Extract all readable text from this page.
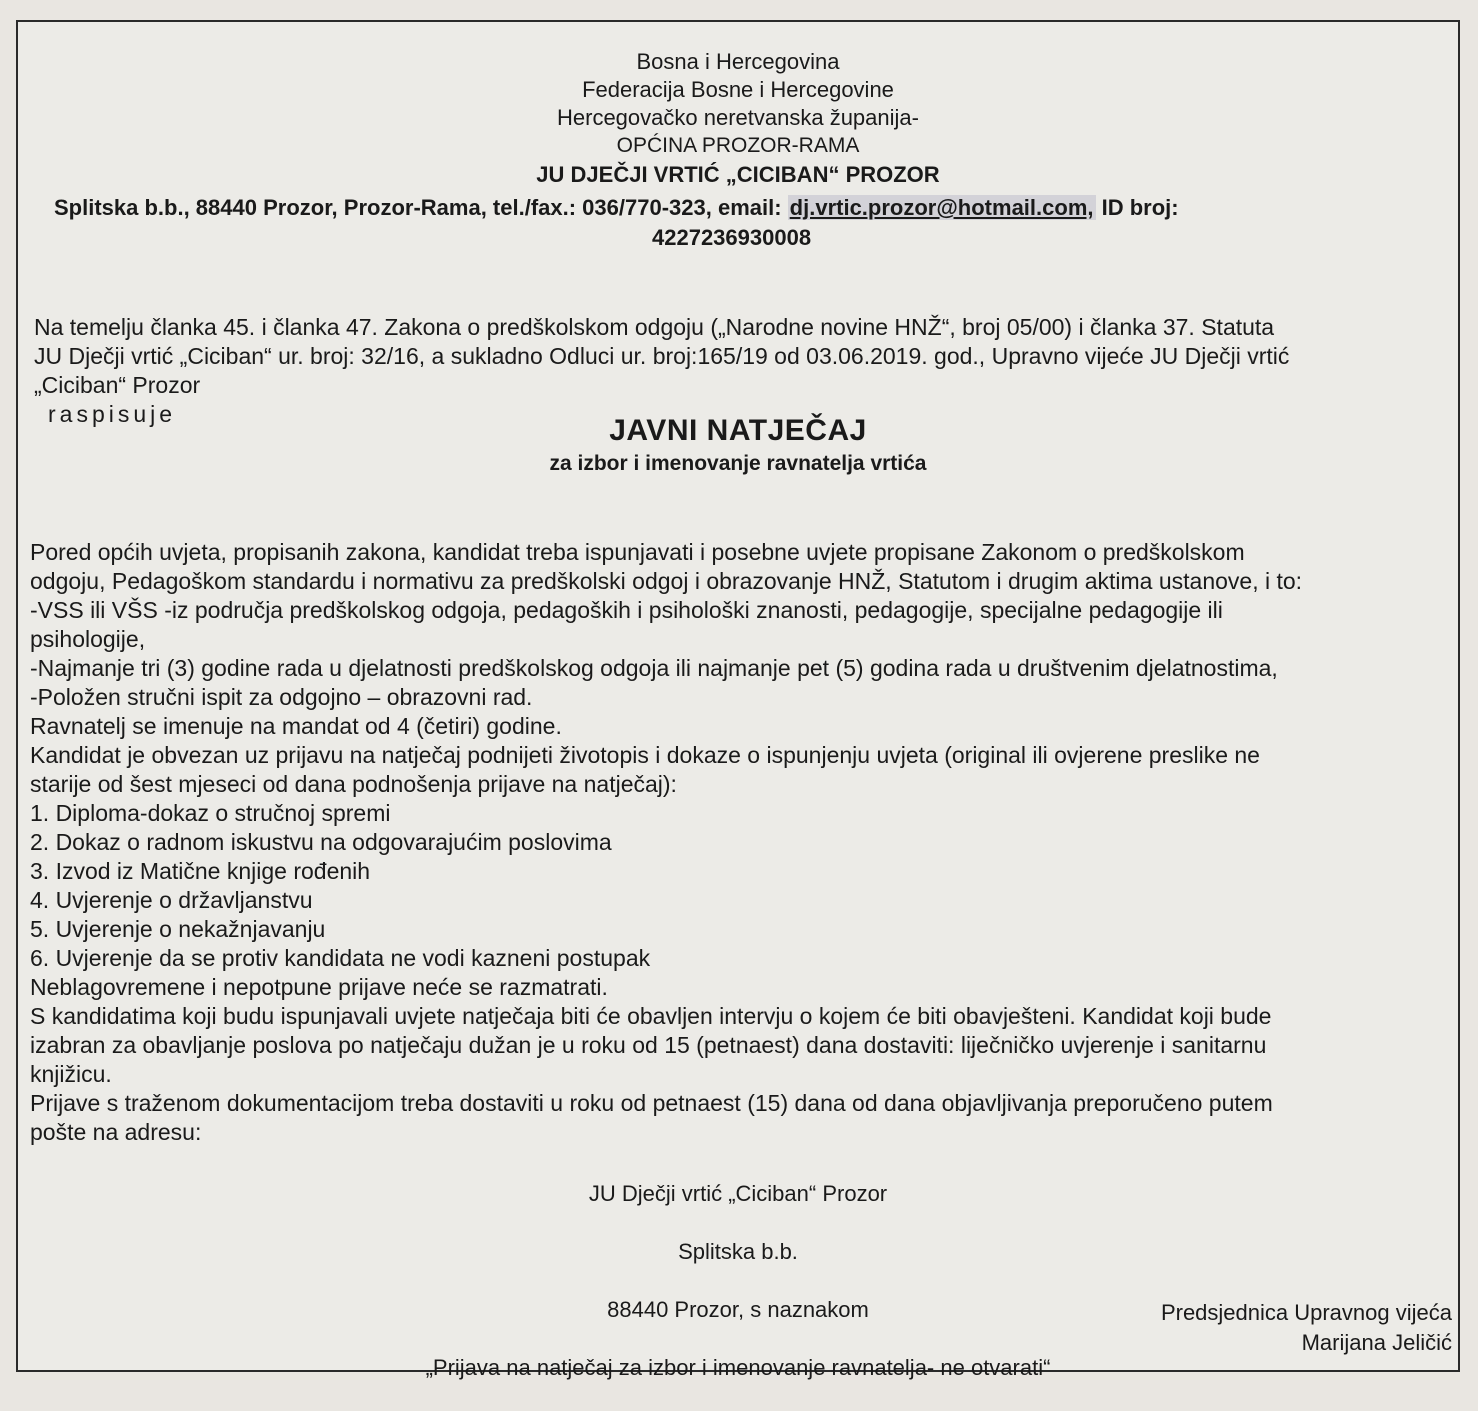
Bosna i Hercegovina
Federacija Bosne i Hercegovine
Hercegovačko neretvanska županija-
OPĆINA PROZOR-RAMA
JU DJEČJI VRTIĆ „CICIBAN“ PROZOR
Splitska b.b., 88440 Prozor, Prozor-Rama, tel./fax.: 036/770-323, email: dj.vrtic.prozor@hotmail.com, ID broj:
4227236930008

Na temelju članka 45. i članka 47. Zakona o predškolskom odgoju („Narodne novine HNŽ“, broj 05/00) i članka 37. Statuta
JU Dječji vrtić „Ciciban“ ur. broj: 32/16, a sukladno Odluci ur. broj:165/19 od 03.06.2019. god., Upravno vijeće JU Dječji vrtić
„Ciciban“ Prozor
raspisuje	JAVNI NATJEČAJ
za izbor i imenovanje ravnatelja vrtića
Pored općih uvjeta, propisanih zakona, kandidat treba ispunjavati i posebne uvjete propisane Zakonom o predškolskom
odgoju, Pedagoškom standardu i normativu za predškolski odgoj i obrazovanje HNŽ, Statutom i drugim aktima ustanove, i to:
-VSS ili VŠS -iz područja predškolskog odgoja, pedagoških i psihološki znanosti, pedagogije, specijalne pedagogije ili
psihologije,
-Najmanje tri (3) godine rada u djelatnosti predškolskog odgoja ili najmanje pet (5) godina rada u društvenim djelatnostima,
-Položen stručni ispit za odgojno – obrazovni rad.
Ravnatelj se imenuje na mandat od 4 (četiri) godine.
Kandidat je obvezan uz prijavu na natječaj podnijeti životopis i dokaze o ispunjenju uvjeta (original ili ovjerene preslike ne
starije od šest mjeseci od dana podnošenja prijave na natječaj):
1. Diploma-dokaz o stručnoj spremi
2. Dokaz o radnom iskustvu na odgovarajućim poslovima
3. Izvod iz Matične knjige rođenih
4. Uvjerenje o državljanstvu
5. Uvjerenje o nekažnjavanju
6. Uvjerenje da se protiv kandidata ne vodi kazneni postupak
Neblagovremene i nepotpune prijave neće se razmatrati.
S kandidatima koji budu ispunjavali uvjete natječaja biti će obavljen intervju o kojem će biti obavješteni. Kandidat koji bude
izabran za obavljanje poslova po natječaju dužan je u roku od 15 (petnaest) dana dostaviti: liječničko uvjerenje i sanitarnu
knjižicu.
Prijave s traženom dokumentacijom treba dostaviti u roku od petnaest (15) dana od dana objavljivanja preporučeno putem
pošte na adresu:

JU Dječji vrtić „Ciciban“ Prozor

Splitska b.b.

88440 Prozor, s naznakom

„Prijava na natječaj za izbor i imenovanje ravnatelja- ne otvarati“

Predsjednica Upravnog vijeća
Marijana Jeličić
